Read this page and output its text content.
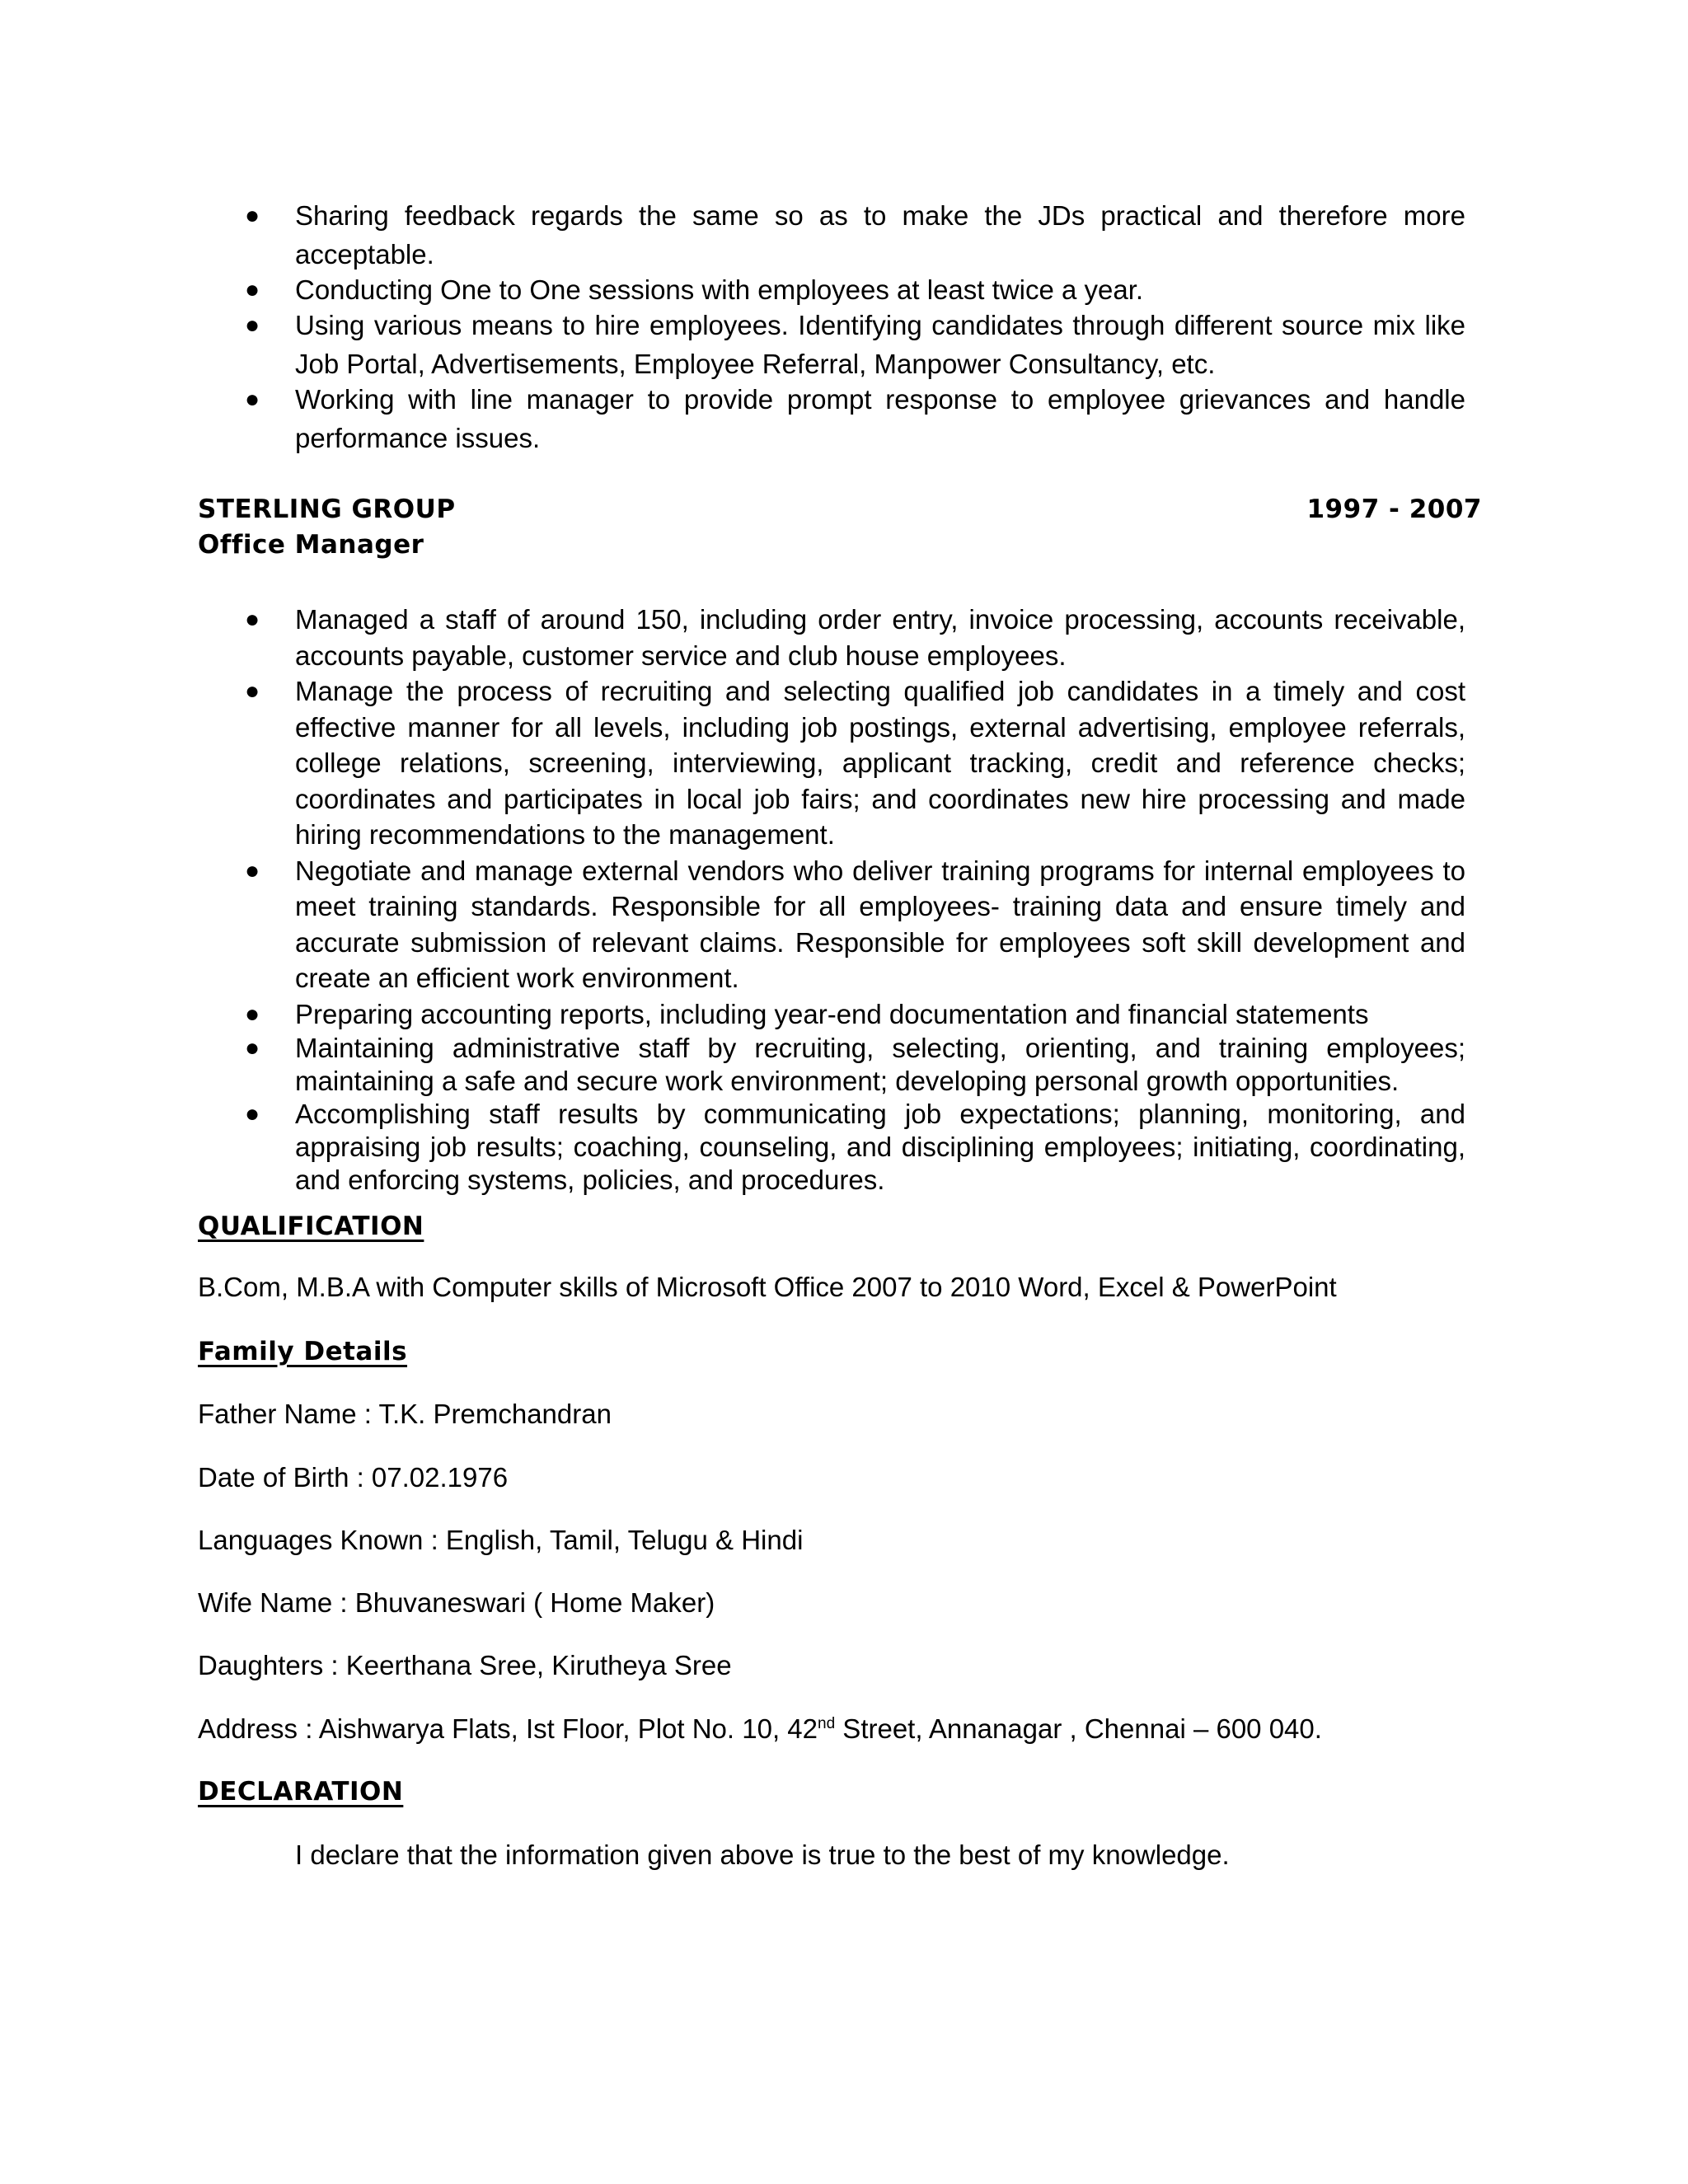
● Sharing feedback regards the same so as to make the JDs practical and therefore more acceptable.
● Conducting One to One sessions with employees at least twice a year.
● Using various means to hire employees. Identifying candidates through different source mix like Job Portal, Advertisements, Employee Referral, Manpower Consultancy, etc.
● Working with line manager to provide prompt response to employee grievances and handle performance issues.
STERLING GROUP	1997 - 2007
Office Manager
● Managed a staff of around 150, including order entry, invoice processing, accounts receivable, accounts payable, customer service and club house employees.
● Manage the process of recruiting and selecting qualified job candidates in a timely and cost effective manner for all levels, including job postings, external advertising, employee referrals, college relations, screening, interviewing, applicant tracking, credit and reference checks; coordinates and participates in local job fairs; and coordinates new hire processing and made hiring recommendations to the management.
● Negotiate and manage external vendors who deliver training programs for internal employees to meet training standards. Responsible for all employees- training data and ensure timely and accurate submission of relevant claims. Responsible for employees soft skill development and create an efficient work environment.
● Preparing accounting reports, including year-end documentation and financial statements
● Maintaining administrative staff by recruiting, selecting, orienting, and training employees; maintaining a safe and secure work environment; developing personal growth opportunities.
● Accomplishing staff results by communicating job expectations; planning, monitoring, and appraising job results; coaching, counseling, and disciplining employees; initiating, coordinating, and enforcing systems, policies, and procedures.
QUALIFICATION
B.Com, M.B.A with Computer skills of Microsoft Office 2007 to 2010 Word, Excel & PowerPoint
Family Details
Father Name : T.K. Premchandran
Date of Birth : 07.02.1976
Languages Known : English, Tamil, Telugu & Hindi
Wife Name : Bhuvaneswari ( Home Maker)
Daughters : Keerthana Sree, Kirutheya Sree
Address : Aishwarya Flats, Ist Floor, Plot No. 10, 42nd Street, Annanagar , Chennai – 600 040.
DECLARATION
I declare that the information given above is true to the best of my knowledge.
